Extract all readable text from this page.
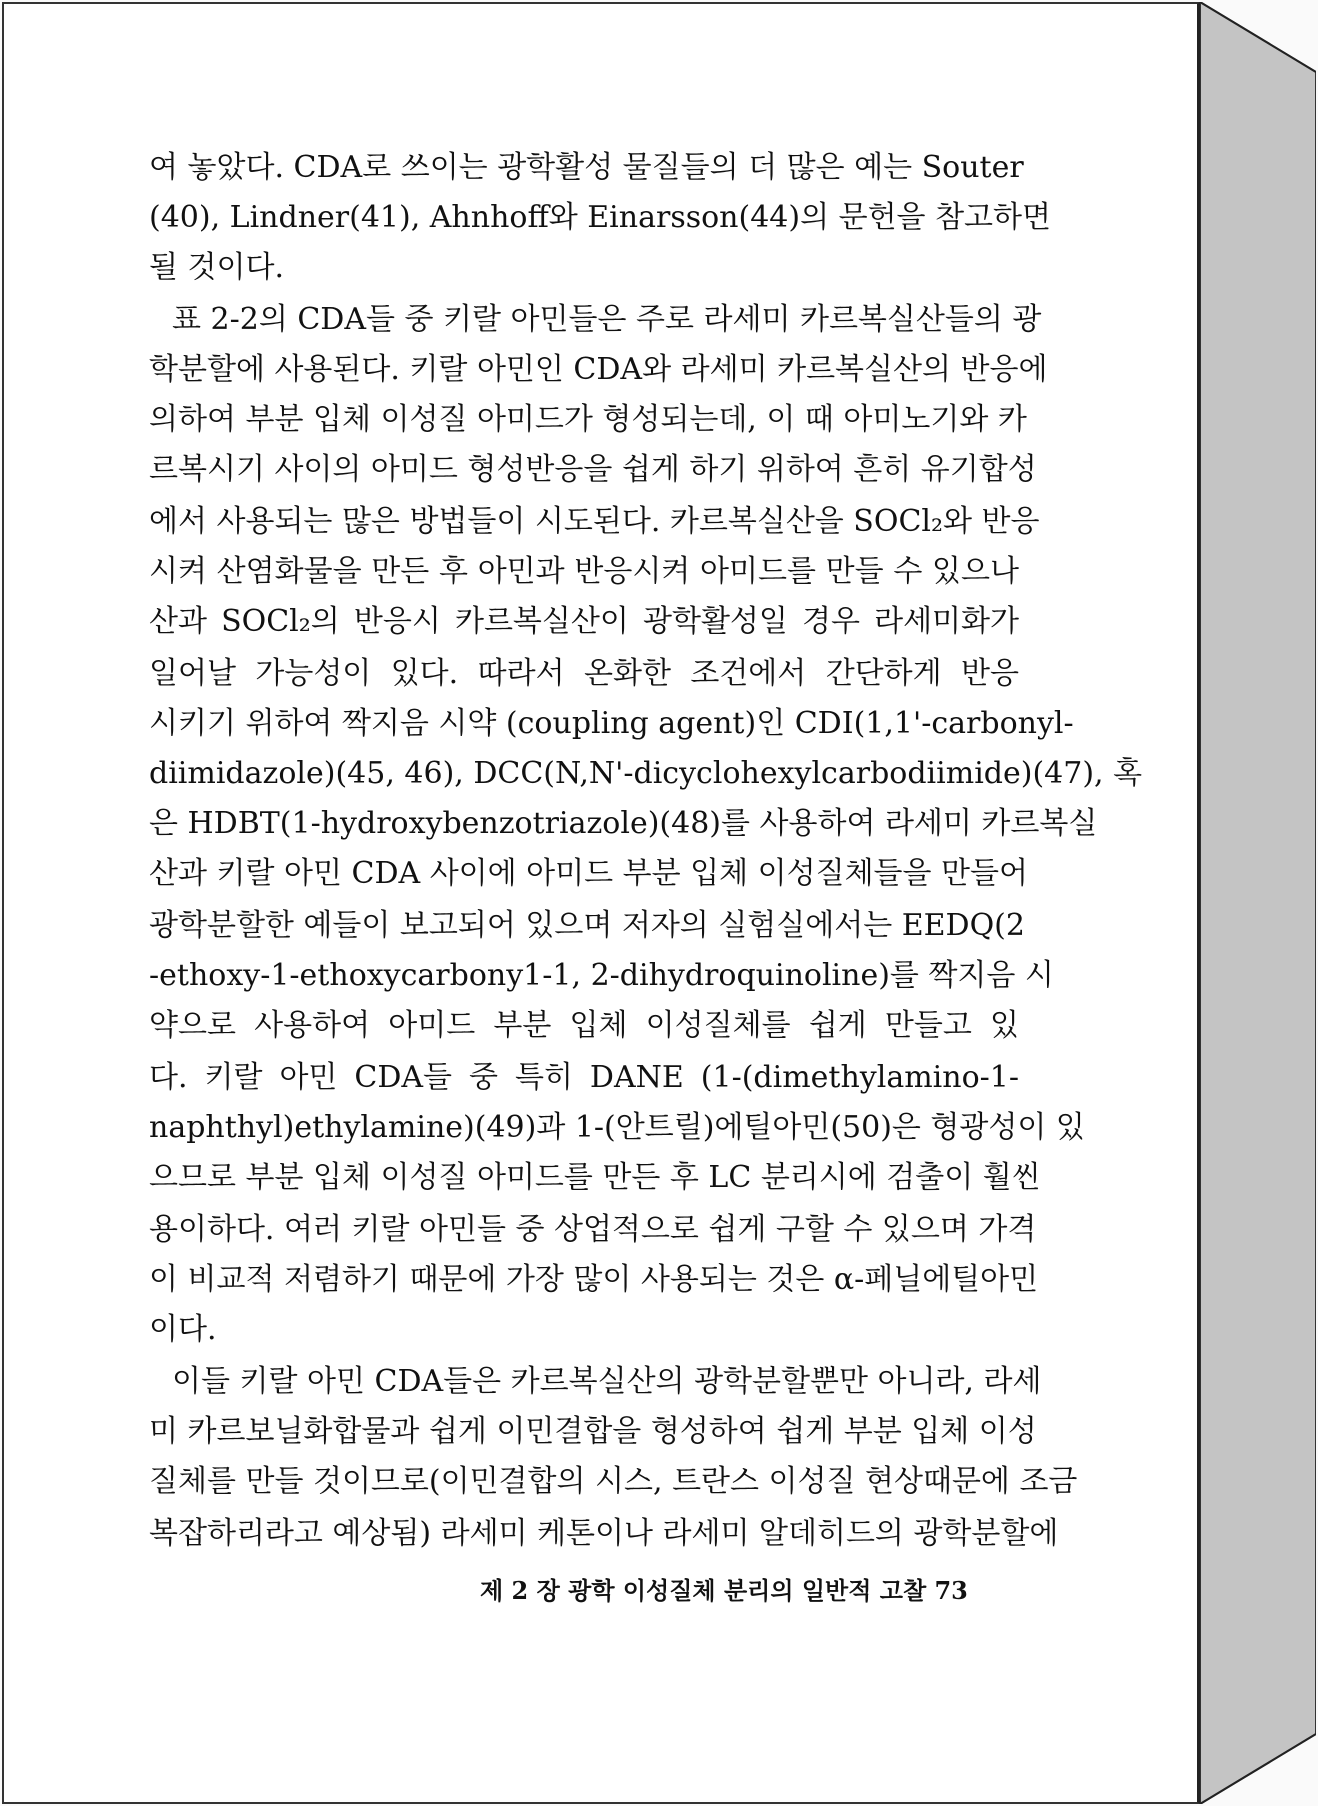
여 놓았다. CDA로 쓰이는 광학활성 물질들의 더 많은 예는 Souter
(40), Lindner(41), Ahnhoff와 Einarsson(44)의 문헌을 참고하면
될 것이다.
표 2-2의 CDA들 중 키랄 아민들은 주로 라세미 카르복실산들의 광
학분할에 사용된다. 키랄 아민인 CDA와 라세미 카르복실산의 반응에
의하여 부분 입체 이성질 아미드가 형성되는데, 이 때 아미노기와 카
르복시기 사이의 아미드 형성반응을 쉽게 하기 위하여 흔히 유기합성
에서 사용되는 많은 방법들이 시도된다. 카르복실산을 SOCl₂와 반응
시켜 산염화물을 만든 후 아민과 반응시켜 아미드를 만들 수 있으나
산과 SOCl₂의 반응시 카르복실산이 광학활성일 경우 라세미화가
일어날 가능성이 있다. 따라서 온화한 조건에서 간단하게 반응
시키기 위하여 짝지음 시약 (coupling agent)인 CDI(1,1'-carbonyl-
diimidazole)(45, 46), DCC(N,N'-dicyclohexylcarbodiimide)(47), 혹
은 HDBT(1-hydroxybenzotriazole)(48)를 사용하여 라세미 카르복실
산과 키랄 아민 CDA 사이에 아미드 부분 입체 이성질체들을 만들어
광학분할한 예들이 보고되어 있으며 저자의 실험실에서는 EEDQ(2
-ethoxy-1-ethoxycarbony1-1, 2-dihydroquinoline)를 짝지음 시
약으로 사용하여 아미드 부분 입체 이성질체를 쉽게 만들고 있
다. 키랄 아민 CDA들 중 특히 DANE (1-(dimethylamino-1-
naphthyl)ethylamine)(49)과 1-(안트릴)에틸아민(50)은 형광성이 있
으므로 부분 입체 이성질 아미드를 만든 후 LC 분리시에 검출이 훨씬
용이하다. 여러 키랄 아민들 중 상업적으로 쉽게 구할 수 있으며 가격
이 비교적 저렴하기 때문에 가장 많이 사용되는 것은 α-페닐에틸아민
이다.
이들 키랄 아민 CDA들은 카르복실산의 광학분할뿐만 아니라, 라세
미 카르보닐화합물과 쉽게 이민결합을 형성하여 쉽게 부분 입체 이성
질체를 만들 것이므로(이민결합의 시스, 트란스 이성질 현상때문에 조금
복잡하리라고 예상됨) 라세미 케톤이나 라세미 알데히드의 광학분할에
제 2 장 광학 이성질체 분리의 일반적 고찰 73
